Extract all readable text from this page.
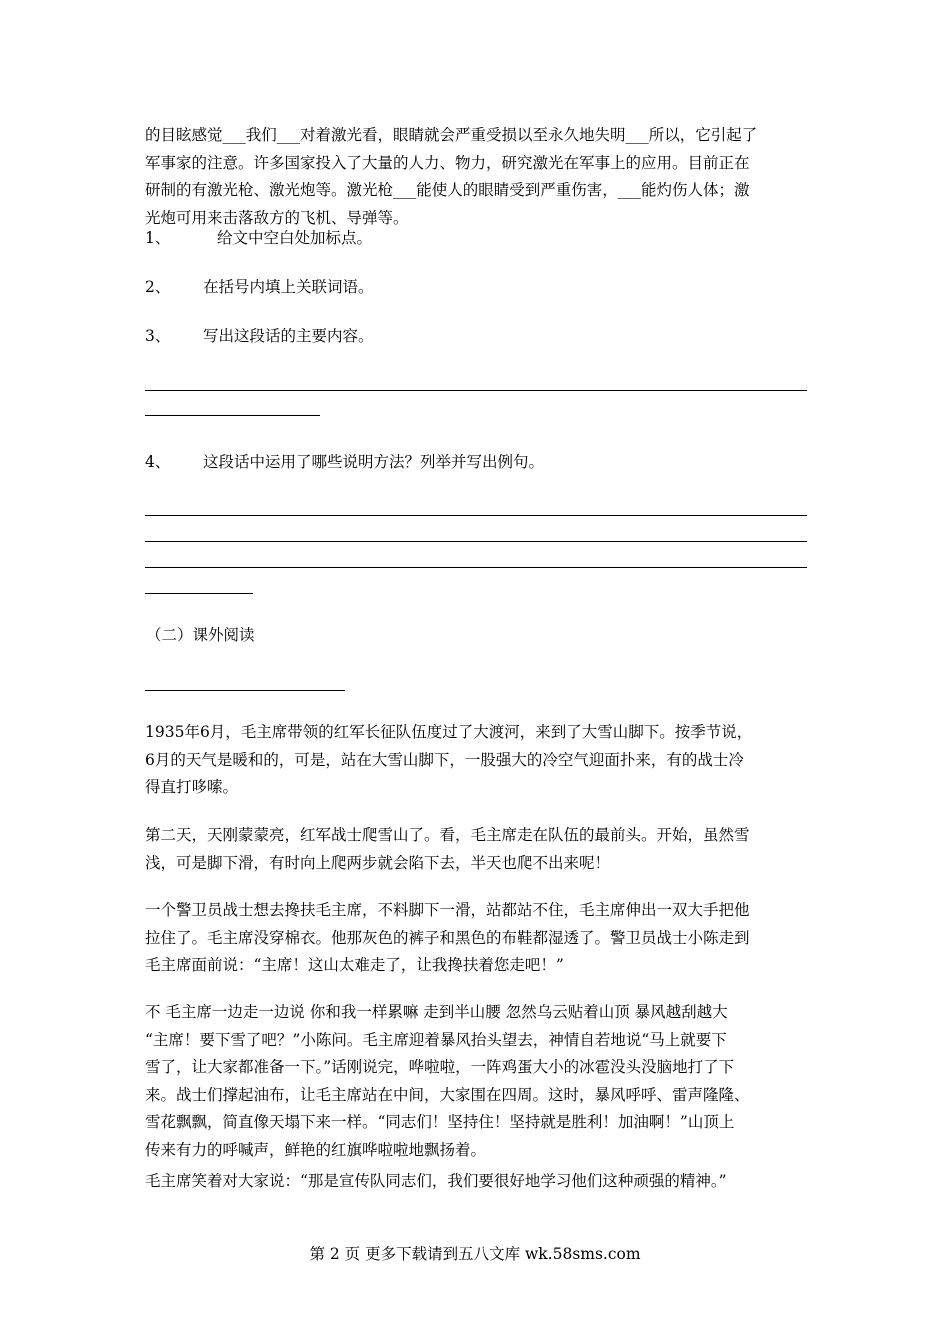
的目眩感觉___我们___对着激光看，眼睛就会严重受损以至永久地失明___所以，它引起了
军事家的注意。许多国家投入了大量的人力、物力，研究激光在军事上的应用。目前正在
研制的有激光枪、激光炮等。激光枪___能使人的眼睛受到严重伤害，___能灼伤人体；激
光炮可用来击落敌方的飞机、导弹等。
1、	给文中空白处加标点。
2、 在括号内填上关联词语。
3、 写出这段话的主要内容。
4、 这段话中运用了哪些说明方法？列举并写出例句。
（二）课外阅读
1935年6月，毛主席带领的红军长征队伍度过了大渡河，来到了大雪山脚下。按季节说，
6月的天气是暖和的，可是，站在大雪山脚下，一股强大的冷空气迎面扑来，有的战士冷
得直打哆嗦。
第二天，天刚蒙蒙亮，红军战士爬雪山了。看，毛主席走在队伍的最前头。开始，虽然雪
浅，可是脚下滑，有时向上爬两步就会陷下去，半天也爬不出来呢！
一个警卫员战士想去搀扶毛主席，不料脚下一滑，站都站不住，毛主席伸出一双大手把他
拉住了。毛主席没穿棉衣。他那灰色的裤子和黑色的布鞋都湿透了。警卫员战士小陈走到
毛主席面前说：“主席！这山太难走了，让我搀扶着您走吧！”
不 毛主席一边走一边说 你和我一样累嘛 走到半山腰 忽然乌云贴着山顶 暴风越刮越大
“主席！要下雪了吧？”小陈问。毛主席迎着暴风抬头望去，神情自若地说“马上就要下
雪了，让大家都准备一下。”话刚说完，哗啦啦，一阵鸡蛋大小的冰雹没头没脑地打了下
来。战士们撑起油布，让毛主席站在中间，大家围在四周。这时，暴风呼呼、雷声隆隆、
雪花飘飘，简直像天塌下来一样。“同志们！坚持住！坚持就是胜利！加油啊！”山顶上
传来有力的呼喊声，鲜艳的红旗哗啦啦地飘扬着。
毛主席笑着对大家说：“那是宣传队同志们，我们要很好地学习他们这种顽强的精神。”
第 2 页 更多下载请到五八文库 wk.58sms.com
